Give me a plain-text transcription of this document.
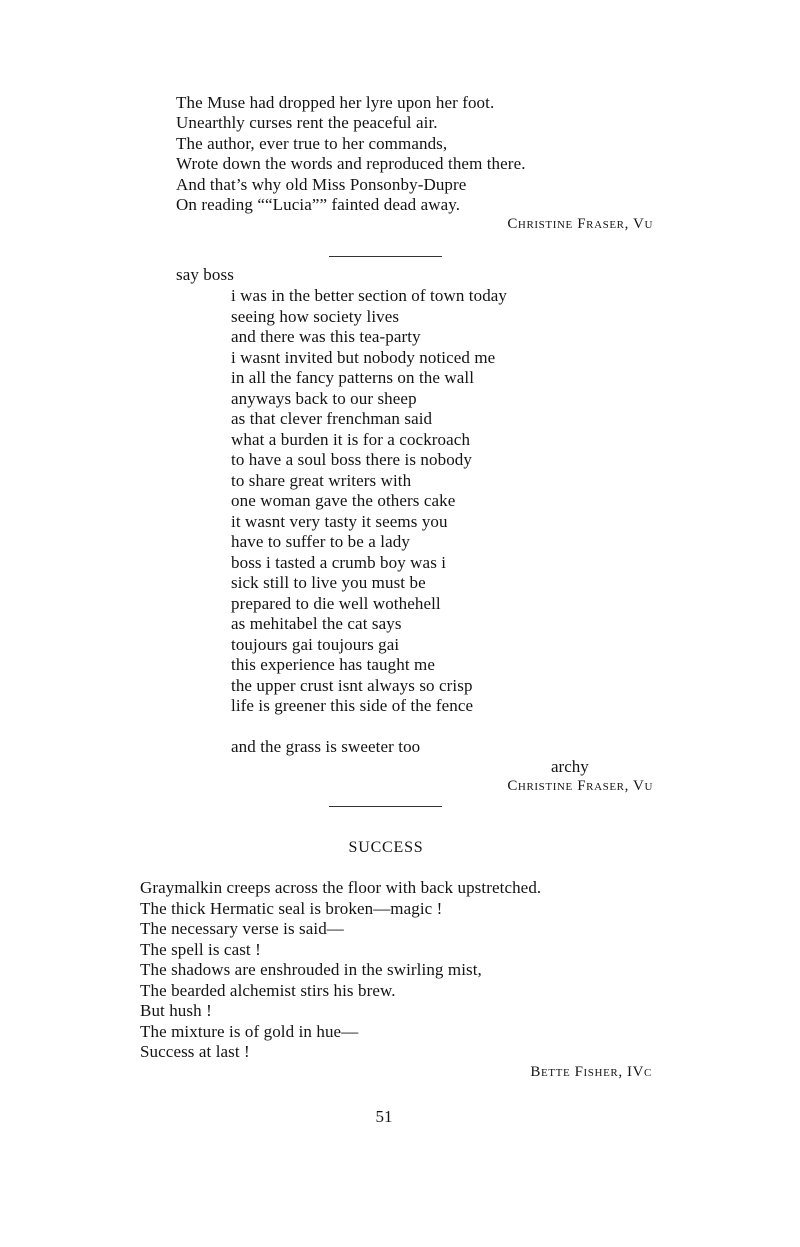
The Muse had dropped her lyre upon her foot.
Unearthly curses rent the peaceful air.
The author, ever true to her commands,
Wrote down the words and reproduced them there.
And that’s why old Miss Ponsonby-Dupre
On reading ““Lucia”” fainted dead away.
Christine Fraser, Vu
say boss
i was in the better section of town today
seeing how society lives
and there was this tea-party
i wasnt invited but nobody noticed me
in all the fancy patterns on the wall
anyways back to our sheep
as that clever frenchman said
what a burden it is for a cockroach
to have a soul boss there is nobody
to share great writers with
one woman gave the others cake
it wasnt very tasty it seems you
have to suffer to be a lady
boss i tasted a crumb boy was i
sick still to live you must be
prepared to die well wothehell
as mehitabel the cat says
toujours gai toujours gai
this experience has taught me
the upper crust isnt always so crisp
life is greener this side of the fence
and the grass is sweeter too
archy
Christine Fraser, Vu
SUCCESS
Graymalkin creeps across the floor with back upstretched.
The thick Hermatic seal is broken—magic !
The necessary verse is said—
The spell is cast !
The shadows are enshrouded in the swirling mist,
The bearded alchemist stirs his brew.
But hush !
The mixture is of gold in hue—
Success at last !
Bette Fisher, IVc
51
